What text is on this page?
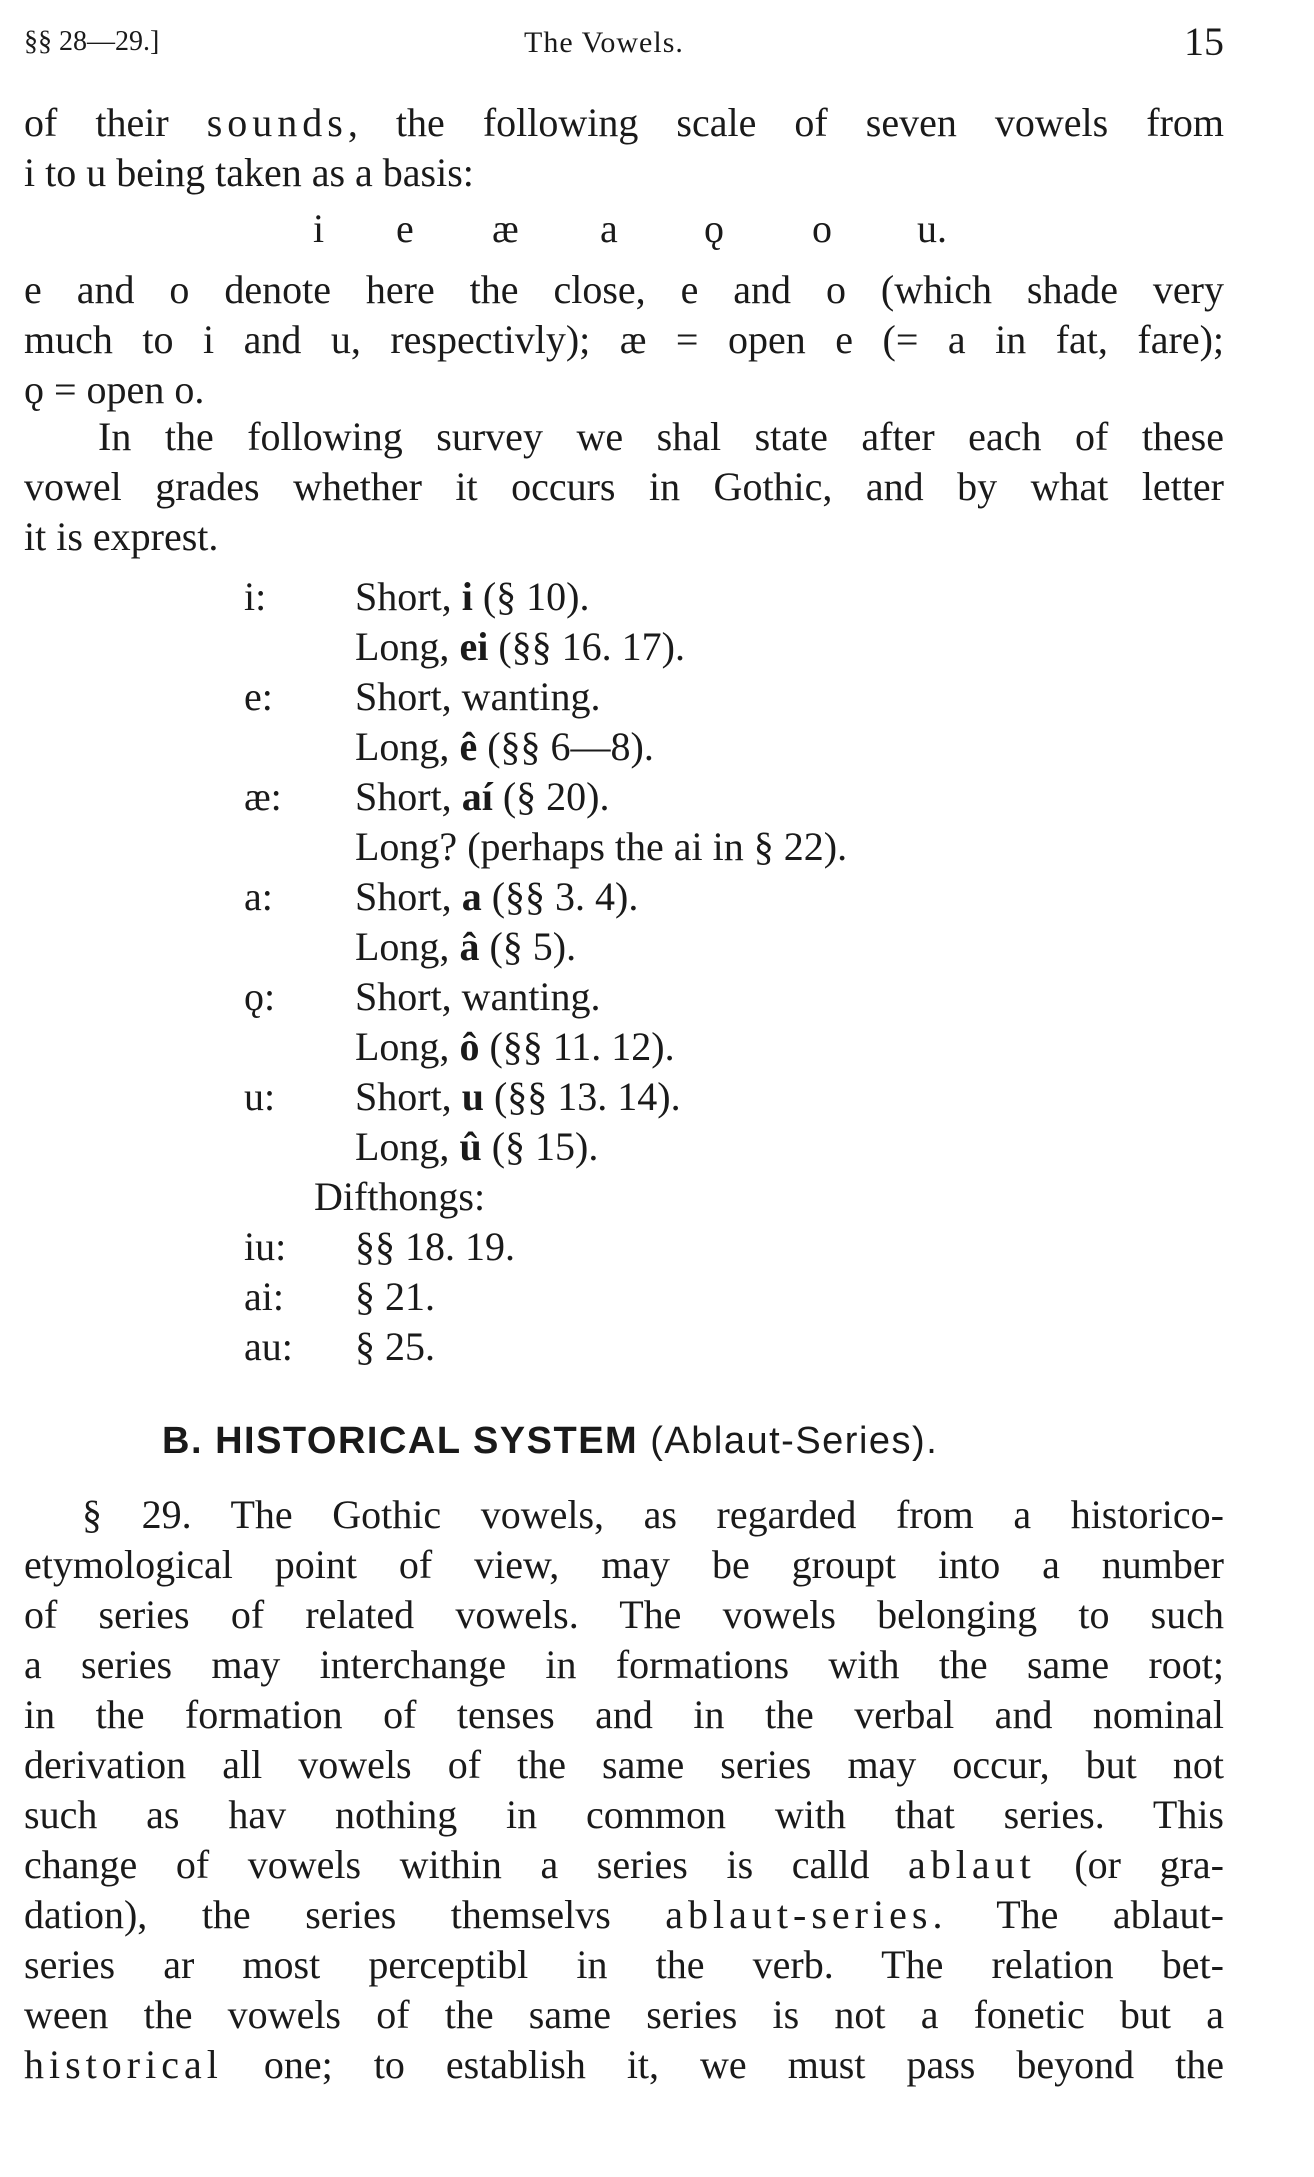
§§ 28—29.]	The Vowels.	15
of their sounds, the following scale of seven vowels from
i to u being taken as a basis:
i e æ a ǫ o u.
e and o denote here the close, e and o (which shade very
much to i and u, respectivly); æ = open e (= a in fat, fare);
ǫ = open o.
In the following survey we shal state after each of these
vowel grades whether it occurs in Gothic, and by what letter
it is exprest.
i:	Short, i (§ 10).
Long, ei (§§ 16. 17).
e:	Short, wanting.
Long, ê (§§ 6—8).
æ:	Short, aí (§ 20).
Long? (perhaps the ai in § 22).
a:	Short, a (§§ 3. 4).
Long, â (§ 5).
ǫ:	Short, wanting.
Long, ô (§§ 11. 12).
u:	Short, u (§§ 13. 14).
Long, û (§ 15).
Difthongs:
iu:	§§ 18. 19.
ai:	§ 21.
au:	§ 25.
B. HISTORICAL SYSTEM (Ablaut-Series).
§ 29. The Gothic vowels, as regarded from a historico-
etymological point of view, may be groupt into a number
of series of related vowels. The vowels belonging to such
a series may interchange in formations with the same root;
in the formation of tenses and in the verbal and nominal
derivation all vowels of the same series may occur, but not
such as hav nothing in common with that series. This
change of vowels within a series is calld ablaut (or gra-
dation), the series themselvs ablaut-series. The ablaut-
series ar most perceptibl in the verb. The relation bet-
ween the vowels of the same series is not a fonetic but a
historical one; to establish it, we must pass beyond the
